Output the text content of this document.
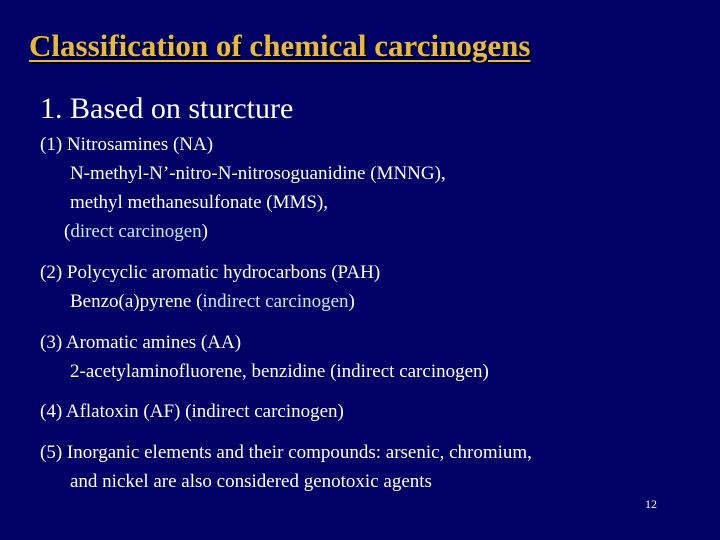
Classification of chemical carcinogens
1. Based on sturcture
(1) Nitrosamines (NA)
N-methyl-N’-nitro-N-nitrosoguanidine (MNNG),
methyl methanesulfonate (MMS),
(direct carcinogen)
(2) Polycyclic aromatic hydrocarbons (PAH)
Benzo(a)pyrene (indirect carcinogen)
(3) Aromatic amines (AA)
2-acetylaminofluorene, benzidine (indirect carcinogen)
(4) Aflatoxin (AF) (indirect carcinogen)
(5) Inorganic elements and their compounds: arsenic, chromium,
and nickel are also considered genotoxic agents
12
